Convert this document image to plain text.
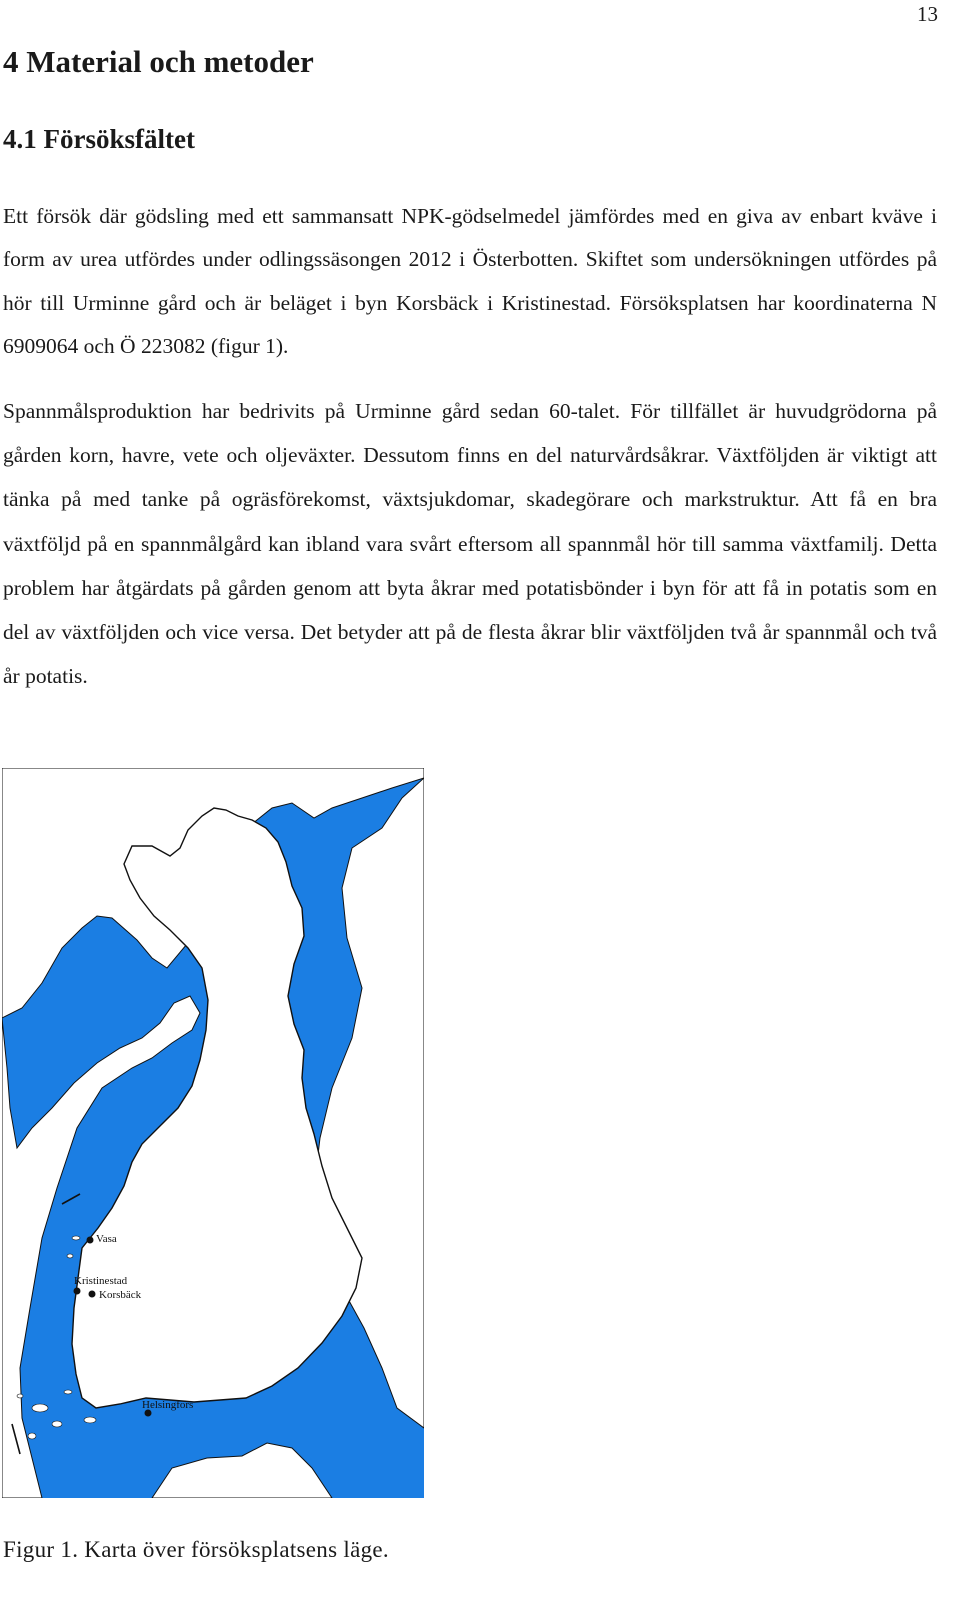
13
4 Material och metoder
4.1 Försöksfältet

Ett försök där gödsling med ett sammansatt NPK-gödselmedel jämfördes med en giva av enbart kväve i form av urea utfördes under odlingssäsongen 2012 i Österbotten. Skiftet som undersökningen utfördes på hör till Urminne gård och är beläget i byn Korsbäck i Kristinestad. Försöksplatsen har koordinaterna N 6909064 och Ö 223082 (figur 1).

Spannmålsproduktion har bedrivits på Urminne gård sedan 60-talet. För tillfället är huvudgrödorna på gården korn, havre, vete och oljeväxter. Dessutom finns en del naturvårdsåkrar. Växtföljden är viktigt att tänka på med tanke på ogräsförekomst, växtsjukdomar, skadegörare och markstruktur. Att få en bra växtföljd på en spannmålgård kan ibland vara svårt eftersom all spannmål hör till samma växtfamilj. Detta problem har åtgärdats på gården genom att byta åkrar med potatisbönder i byn för att få in potatis som en del av växtföljden och vice versa. Det betyder att på de flesta åkrar blir växtföljden två år spannmål och två år potatis.

Vasa
Kristinestad
Korsbäck
Helsingfors

Figur 1. Karta över försöksplatsens läge.
